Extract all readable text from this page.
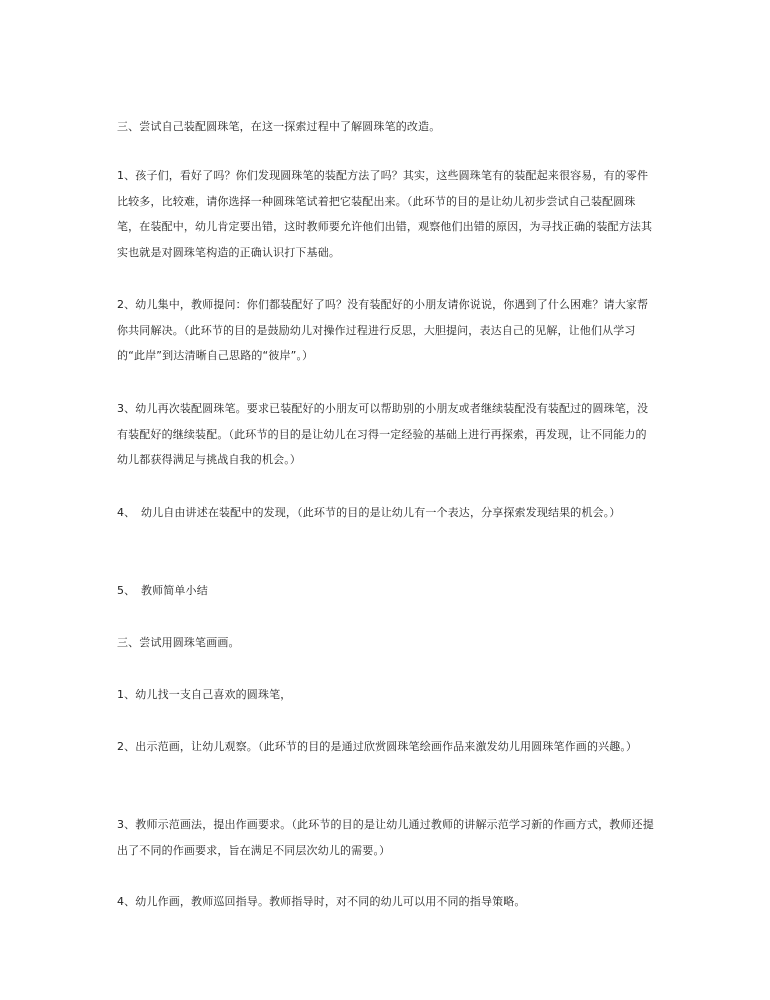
三、尝试自己装配圆珠笔，在这一探索过程中了解圆珠笔的改造。

1、孩子们，看好了吗？你们发现圆珠笔的装配方法了吗？其实，这些圆珠笔有的装配起来很容易，有的零件比较多，比较难，请你选择一种圆珠笔试着把它装配出来。（此环节的目的是让幼儿初步尝试自己装配圆珠笔，在装配中，幼儿肯定要出错，这时教师要允许他们出错，观察他们出错的原因，为寻找正确的装配方法其实也就是对圆珠笔构造的正确认识打下基础。

2、幼儿集中，教师提问：你们都装配好了吗？没有装配好的小朋友请你说说，你遇到了什么困难？请大家帮你共同解决。（此环节的目的是鼓励幼儿对操作过程进行反思，大胆提问，表达自己的见解，让他们从学习的“此岸”到达清晰自己思路的“彼岸”。）

3、幼儿再次装配圆珠笔。要求已装配好的小朋友可以帮助别的小朋友或者继续装配没有装配过的圆珠笔，没有装配好的继续装配。（此环节的目的是让幼儿在习得一定经验的基础上进行再探索，再发现，让不同能力的幼儿都获得满足与挑战自我的机会。）

4、　幼儿自由讲述在装配中的发现，（此环节的目的是让幼儿有一个表达，分享探索发现结果的机会。）

5、　教师简单小结

三、尝试用圆珠笔画画。

1、幼儿找一支自己喜欢的圆珠笔，

2、出示范画，让幼儿观察。（此环节的目的是通过欣赏圆珠笔绘画作品来激发幼儿用圆珠笔作画的兴趣。）

3、教师示范画法，提出作画要求。（此环节的目的是让幼儿通过教师的讲解示范学习新的作画方式，教师还提出了不同的作画要求，旨在满足不同层次幼儿的需要。）

4、幼儿作画，教师巡回指导。教师指导时，对不同的幼儿可以用不同的指导策略。
